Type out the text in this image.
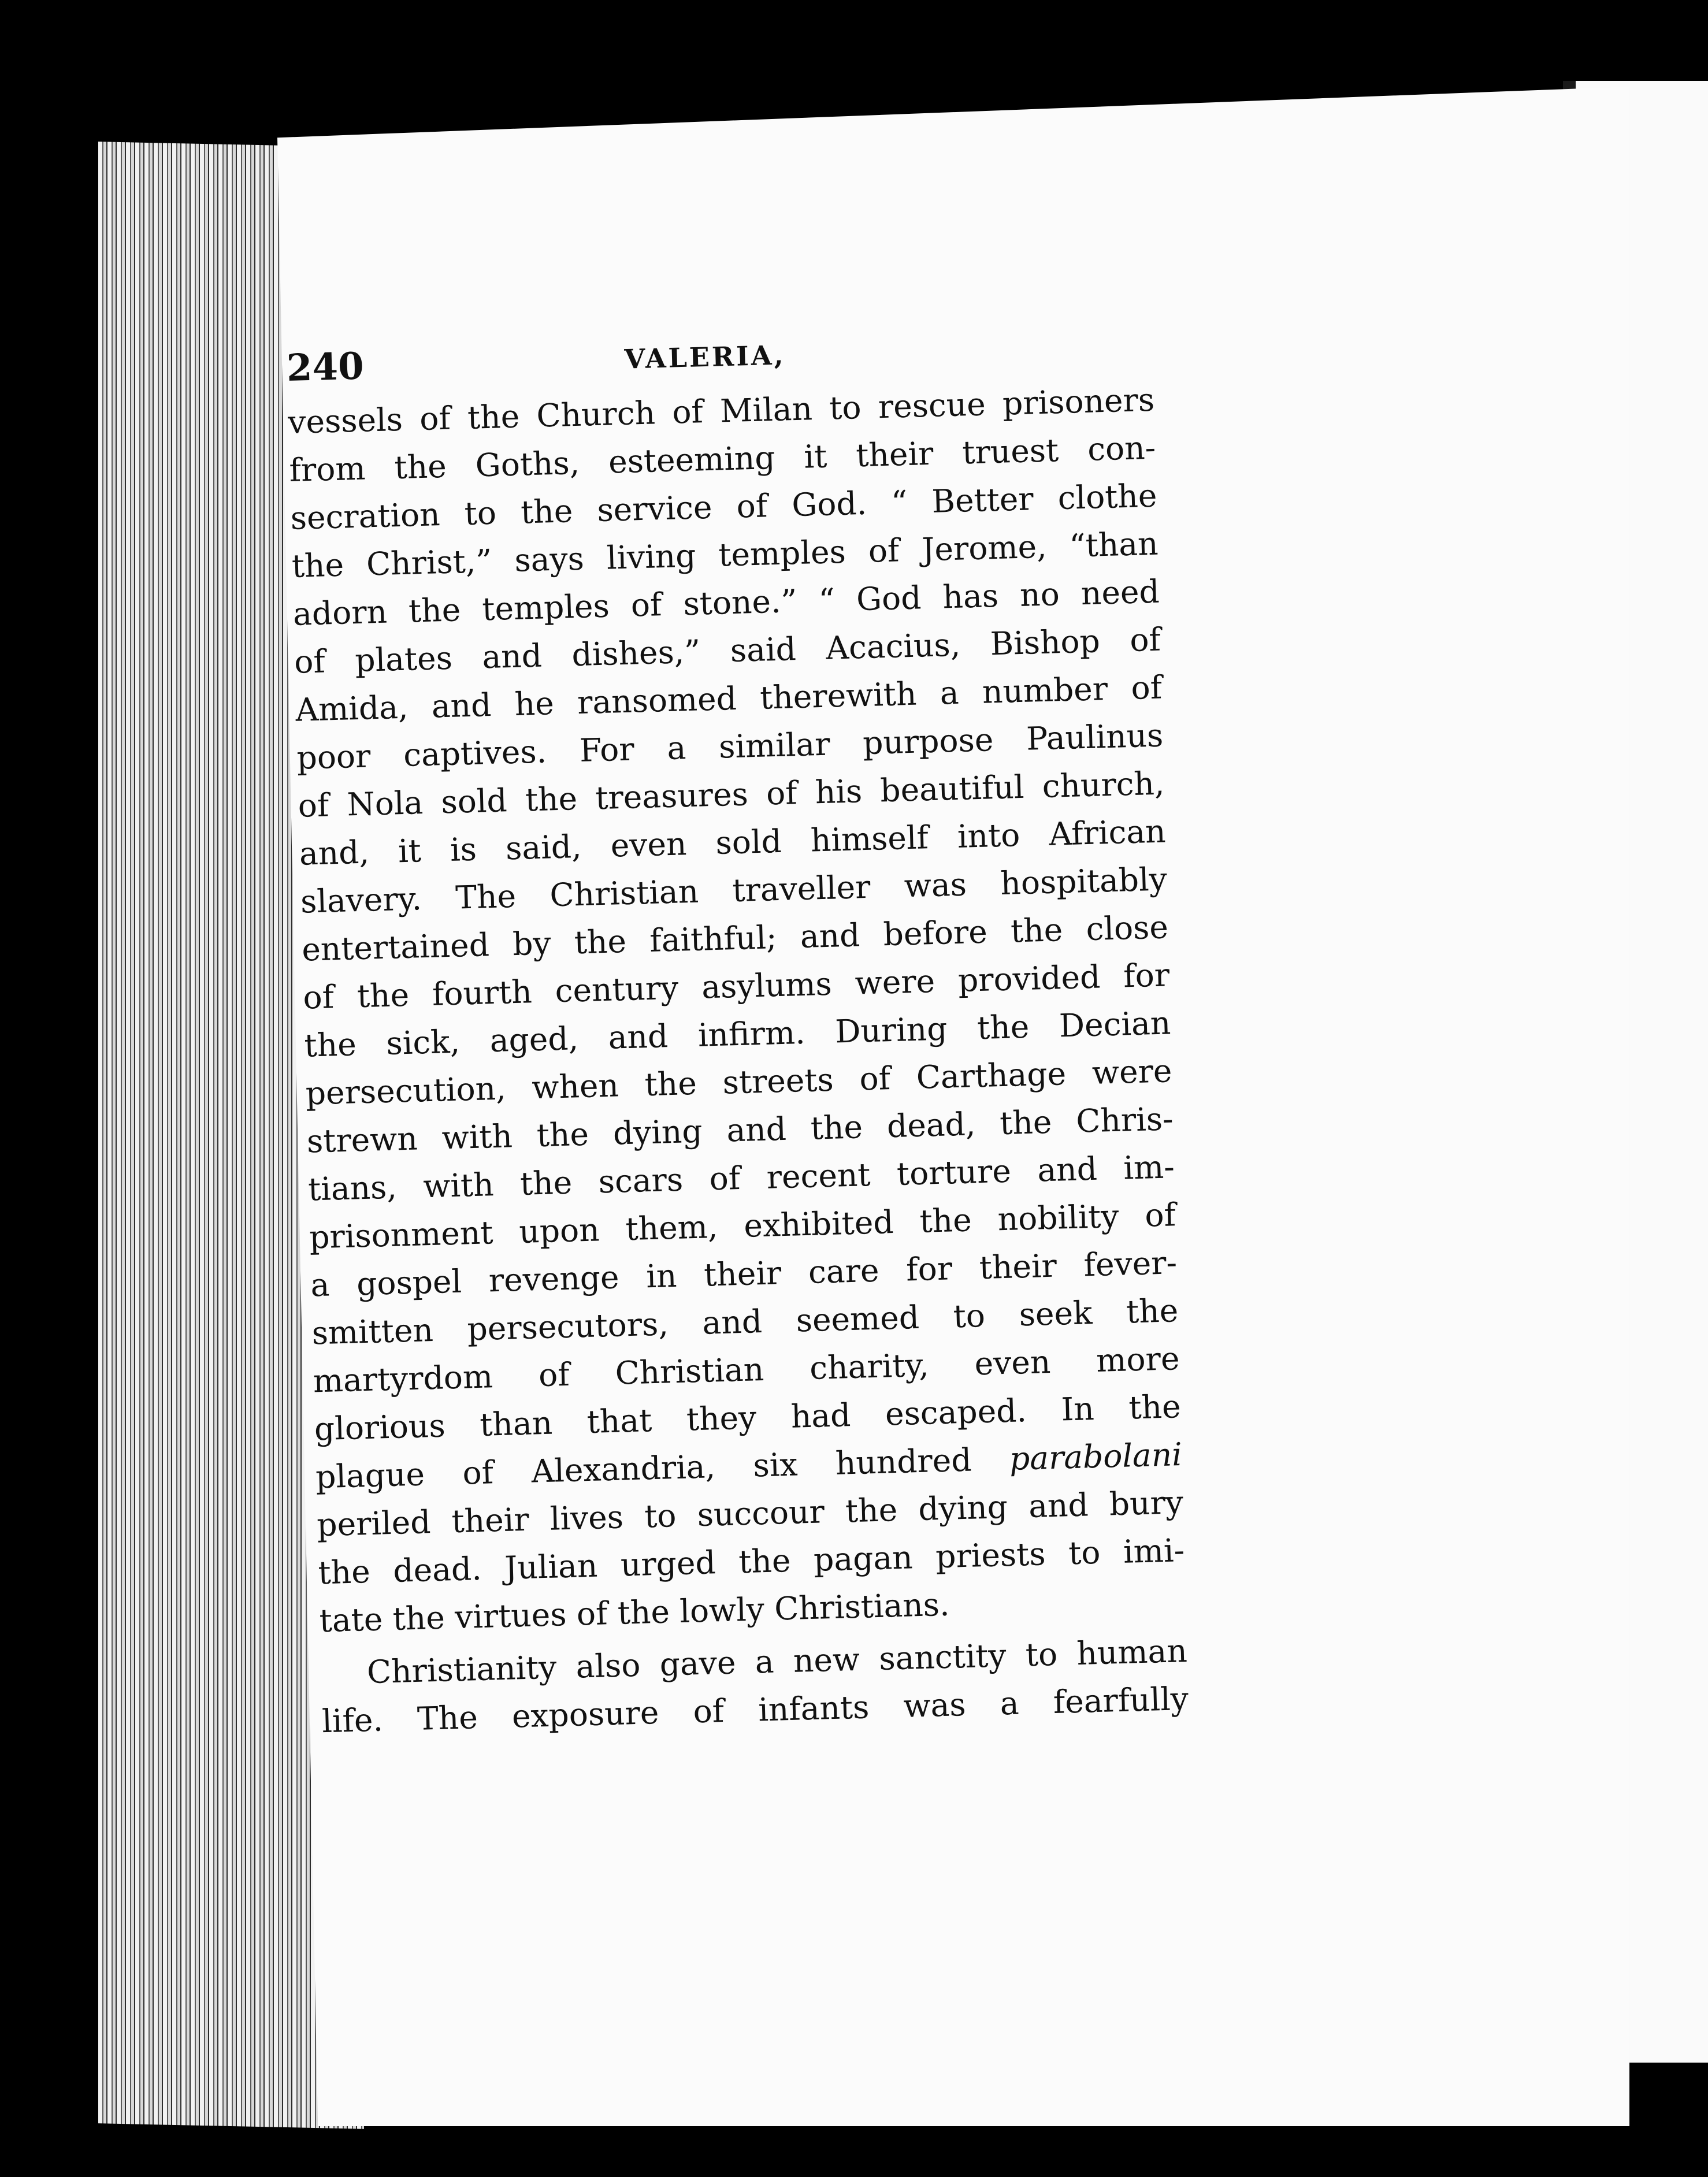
240	VALERIA,
vessels of the Church of Milan to rescue prisoners
from the Goths, esteeming it their truest con-
secration to the service of God. “ Better clothe
the Christ,” says living temples of Jerome, “than
adorn the temples of stone.” “ God has no need
of plates and dishes,” said Acacius, Bishop of
Amida, and he ransomed therewith a number of
poor captives. For a similar purpose Paulinus
of Nola sold the treasures of his beautiful church,
and, it is said, even sold himself into African
slavery. The Christian traveller was hospitably
entertained by the faithful; and before the close
of the fourth century asylums were provided for
the sick, aged, and infirm. During the Decian
persecution, when the streets of Carthage were
strewn with the dying and the dead, the Chris-
tians, with the scars of recent torture and im-
prisonment upon them, exhibited the nobility of
a gospel revenge in their care for their fever-
smitten persecutors, and seemed to seek the
martyrdom of Christian charity, even more
glorious than that they had escaped. In the
plague of Alexandria, six hundred parabolani
periled their lives to succour the dying and bury
the dead. Julian urged the pagan priests to imi-
tate the virtues of the lowly Christians.
Christianity also gave a new sanctity to human
life. The exposure of infants was a fearfully
